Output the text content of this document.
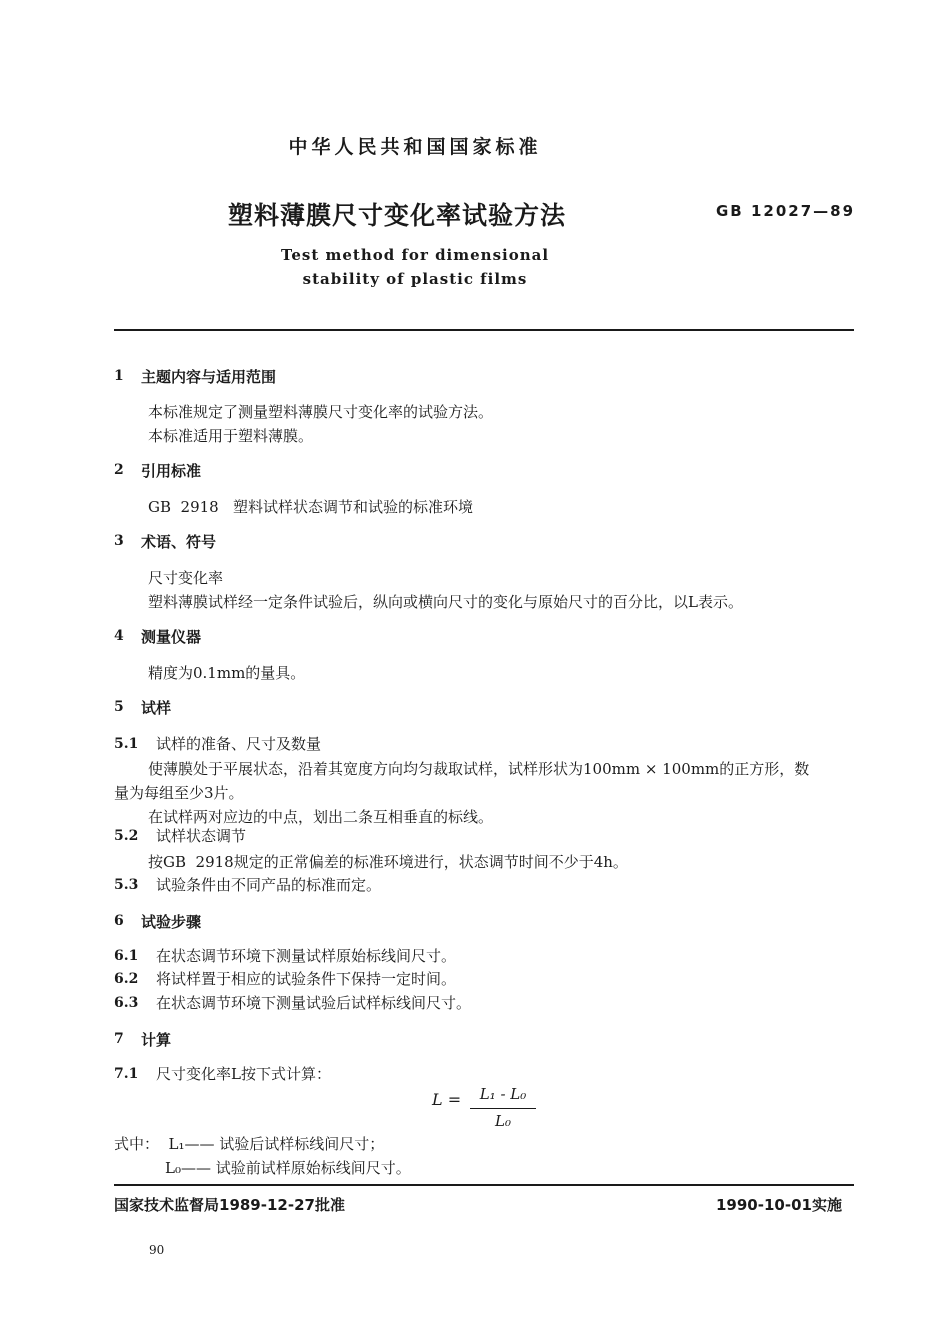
中华人民共和国国家标准
塑料薄膜尺寸变化率试验方法	GB 12027—89
Test method for dimensional
stability of plastic films
1 主题内容与适用范围
本标准规定了测量塑料薄膜尺寸变化率的试验方法。
本标准适用于塑料薄膜。
2 引用标准
GB  2918   塑料试样状态调节和试验的标准环境
3 术语、符号
尺寸变化率
塑料薄膜试样经一定条件试验后，纵向或横向尺寸的变化与原始尺寸的百分比，以L表示。
4 测量仪器
精度为0.1mm的量具。
5 试样
5.1 试样的准备、尺寸及数量
使薄膜处于平展状态，沿着其宽度方向均匀裁取试样，试样形状为100mm × 100mm的正方形，数
量为每组至少3片。
在试样两对应边的中点，划出二条互相垂直的标线。
5.2 试样状态调节
按GB  2918规定的正常偏差的标准环境进行，状态调节时间不少于4h。
5.3 试验条件由不同产品的标准而定。
6 试验步骤
6.1 在状态调节环境下测量试样原始标线间尺寸。
6.2 将试样置于相应的试验条件下保持一定时间。
6.3 在状态调节环境下测量试验后试样标线间尺寸。
7 计算
7.1 尺寸变化率L按下式计算：
L =	L₁ - L₀
L₀
式中：  L₁—— 试验后试样标线间尺寸；
L₀—— 试验前试样原始标线间尺寸。
国家技术监督局1989-12-27批准	1990-10-01实施
90
